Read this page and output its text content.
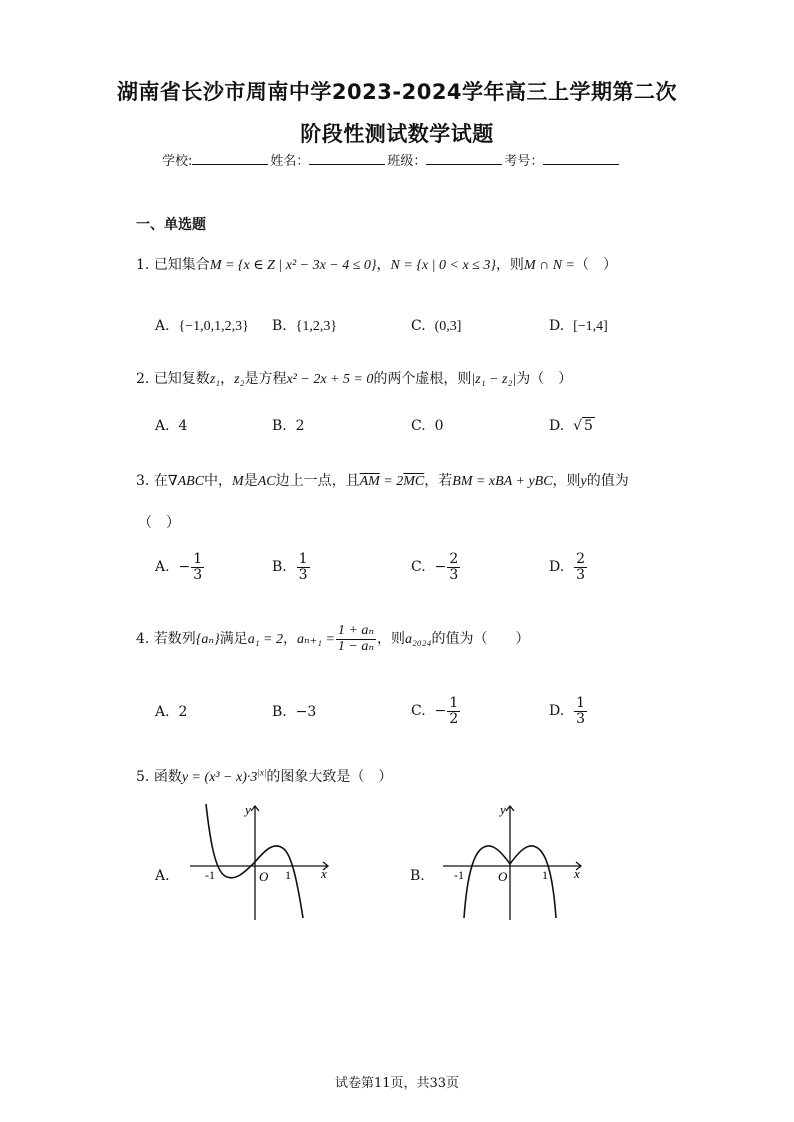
湖南省长沙市周南中学2023-2024学年高三上学期第二次
阶段性测试数学试题
学校:	姓名：	班级：	考号：
一、单选题
1. 已知集合M = {x ∈ Z | x² − 3x − 4 ≤ 0}，N = {x | 0 < x ≤ 3}，则M ∩ N =（　）
A. {−1,0,1,2,3} B. {1,2,3}	C. (0,3]	D. [−1,4]
2. 已知复数z₁，z₂是方程x² − 2x + 5 = 0的两个虚根，则|z₁ − z₂|为（　）
A. 4	B. 2	C. 0	D. √ 5
3. 在∇ABC中，M是AC边上一点，且$\overline{AM} = 2\overline{MC}$，若BM = xBA + yBC，则y的值为
（　）
A. − $\frac{1}{3}$	B. $\frac{1}{3}$	C. − $\frac{2}{3}$	D. $\frac{2}{3}$
4. 若数列{aₙ}满足a₁ = 2，$a_{n+1} = \frac{\text{1 + aₙ}}{\text{1 − aₙ}}$ ，则a₂₀₂₄的值为（　　）
A. 2	B. −3	C. − $\frac{1}{2}$	D. $\frac{1}{3}$
5. 函数$y = (x^3 - x)\cdot 3^{|x|}$的图象大致是（　）
A.
y
x
O
-1	1	B.
y
x
O
-1	1
试卷第11页，共33页
